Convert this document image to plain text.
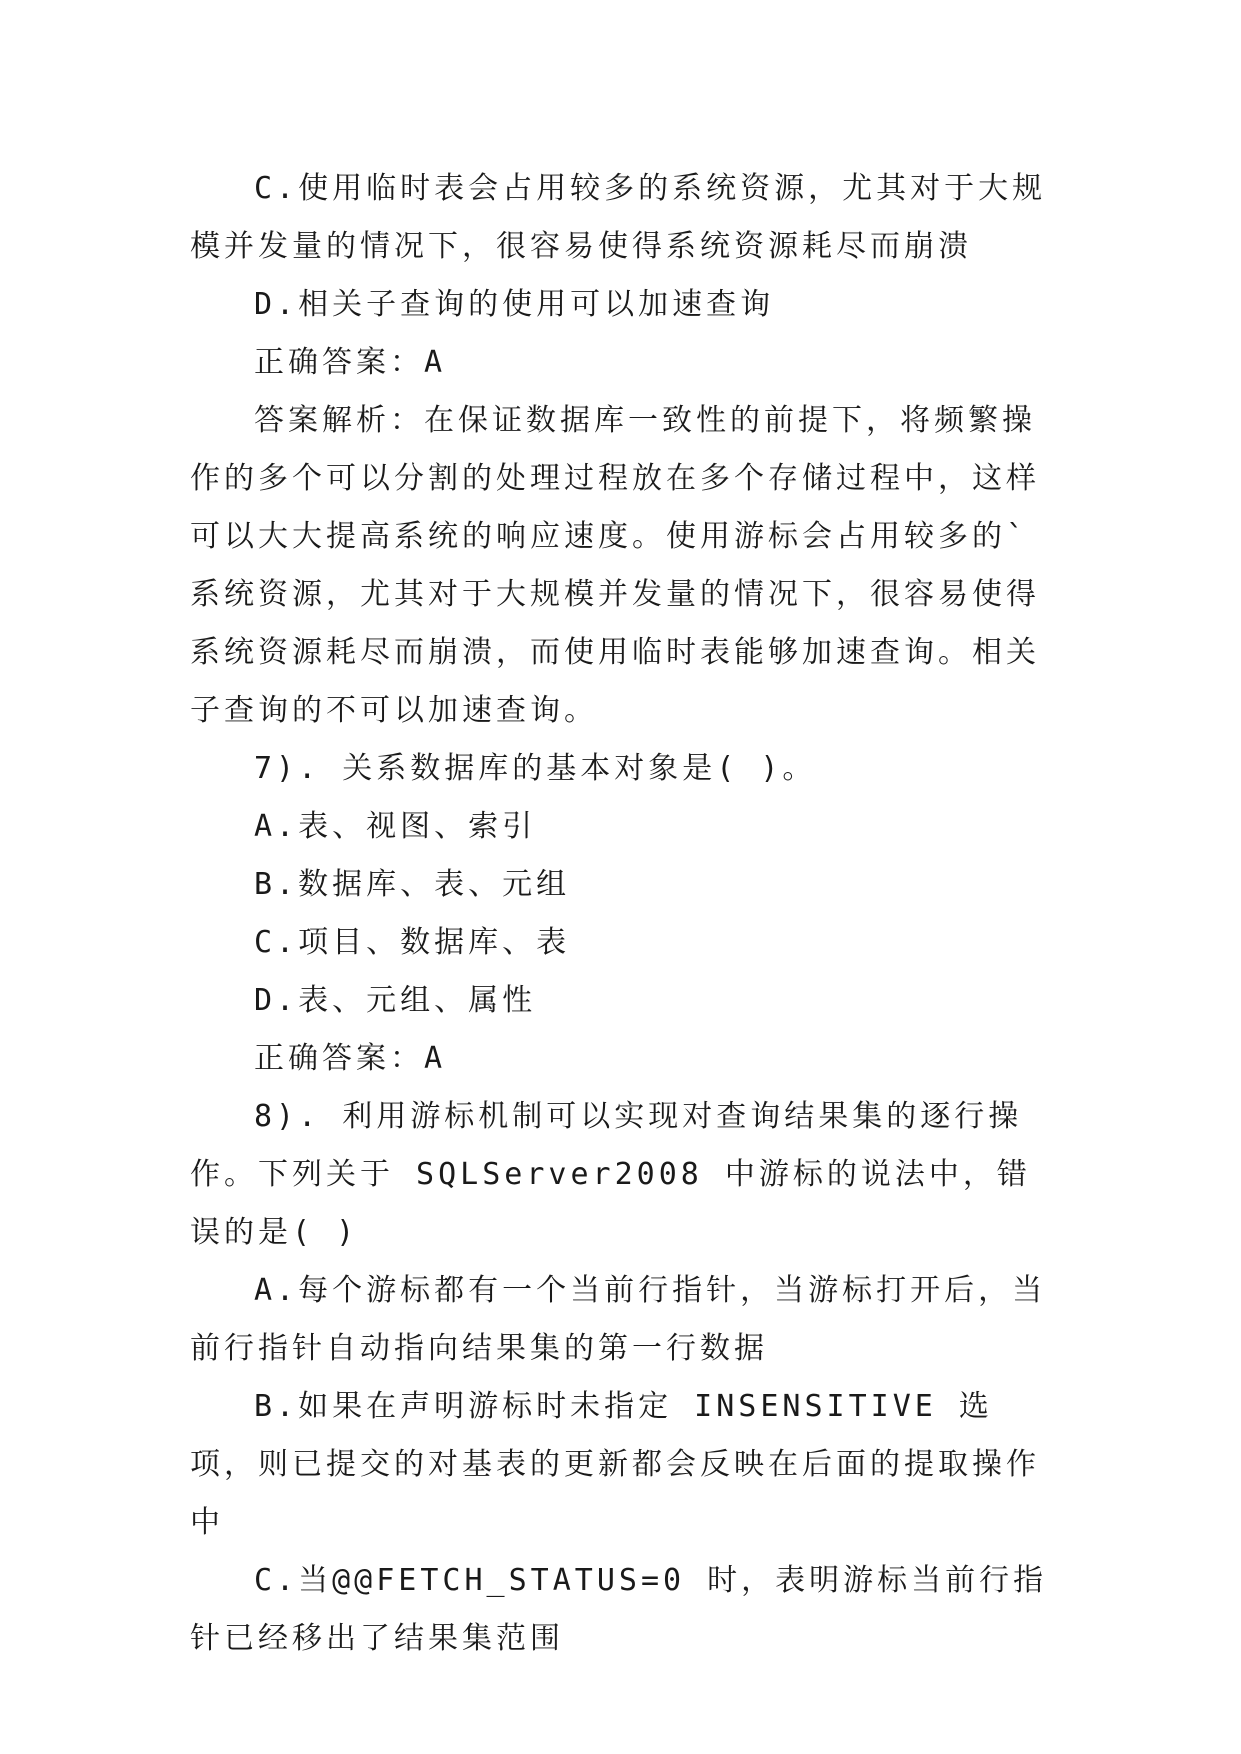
C.使用临时表会占用较多的系统资源，尤其对于大规模并发量的情况下，很容易使得系统资源耗尽而崩溃

D.相关子查询的使用可以加速查询

正确答案：A

答案解析：在保证数据库一致性的前提下，将频繁操作的多个可以分割的处理过程放在多个存储过程中，这样可以大大提高系统的响应速度。使用游标会占用较多的`系统资源，尤其对于大规模并发量的情况下，很容易使得系统资源耗尽而崩溃，而使用临时表能够加速查询。相关子查询的不可以加速查询。

7). 关系数据库的基本对象是( )。

A.表、视图、索引

B.数据库、表、元组

C.项目、数据库、表

D.表、元组、属性

正确答案：A

8). 利用游标机制可以实现对查询结果集的逐行操作。下列关于 SQLServer2008 中游标的说法中，错误的是( )

A.每个游标都有一个当前行指针，当游标打开后，当前行指针自动指向结果集的第一行数据

B.如果在声明游标时未指定 INSENSITIVE 选项，则已提交的对基表的更新都会反映在后面的提取操作中

C.当@@FETCH_STATUS=0 时，表明游标当前行指针已经移出了结果集范围
